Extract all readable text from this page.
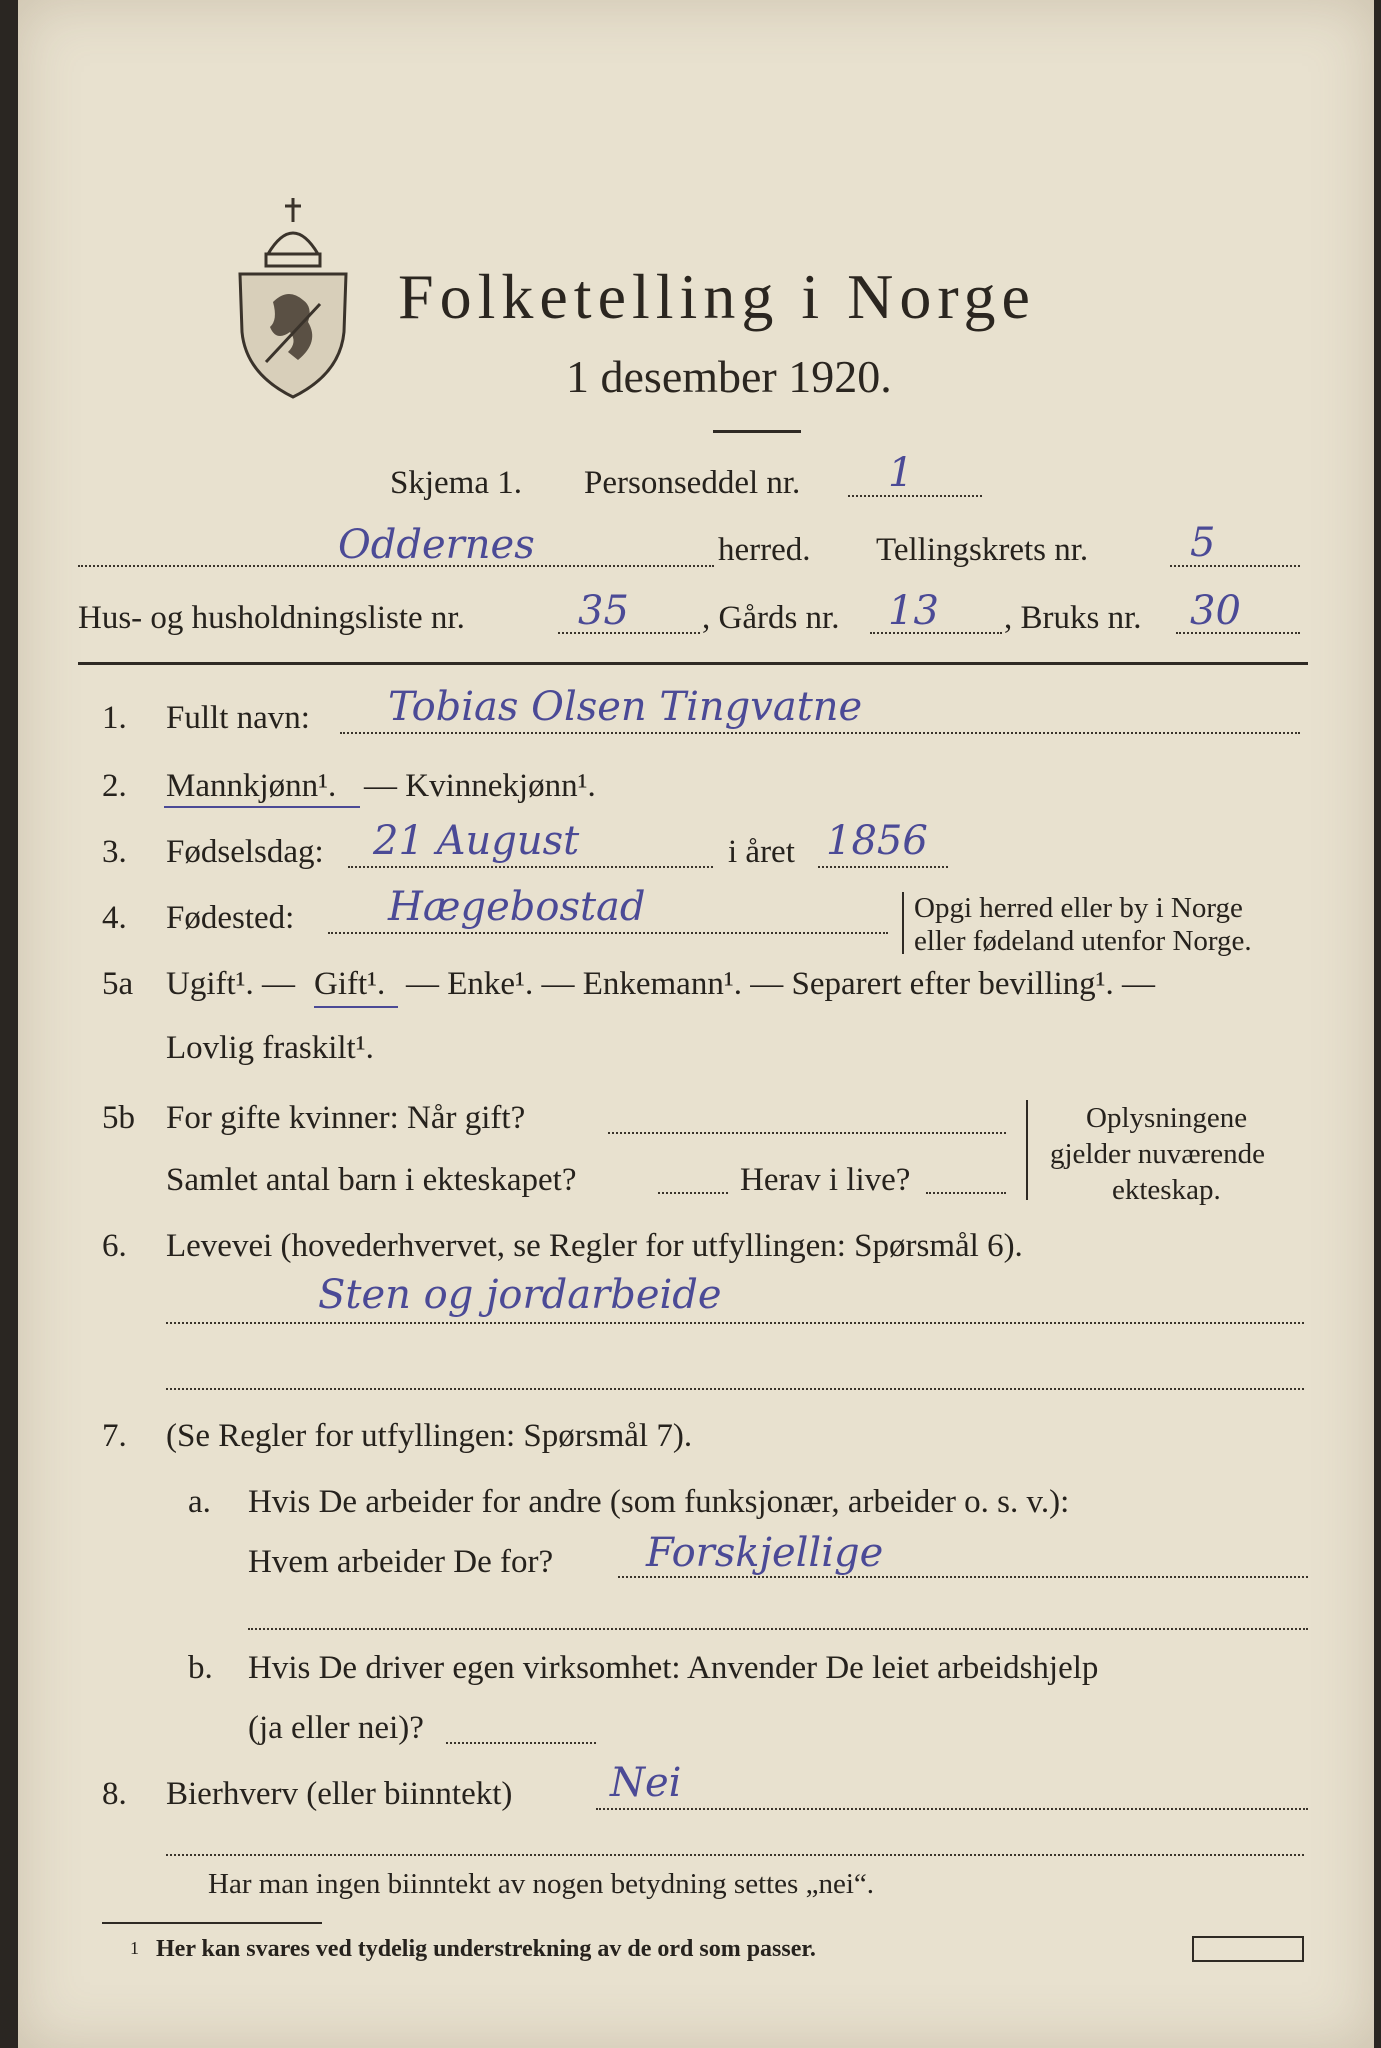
Folketelling i Norge
1 desember 1920.
Skjema 1. Personseddel nr. 1
Oddernes	herred. Tellingskrets nr.	5
Hus- og husholdningsliste nr.	35 , Gårds nr. 13 , Bruks nr. 30
1. Fullt navn: Tobias Olsen Tingvatne
2. Mannkjønn¹. — Kvinnekjønn¹.
3. Fødselsdag: 21 August	i året 1856
4. Fødested: Hægebostad	Opgi herred eller by i Norge
eller fødeland utenfor Norge.
5a Ugift¹. — Gift¹. — Enke¹. — Enkemann¹. — Separert efter bevilling¹. —
Lovlig fraskilt¹.
5b For gifte kvinner: Når gift?
Samlet antal barn i ekteskapet?	Herav i live?
Oplysningene
gjelder nuværende
ekteskap.
6. Levevei (hovederhvervet, se Regler for utfyllingen: Spørsmål 6).
Sten og jordarbeide
7. (Se Regler for utfyllingen: Spørsmål 7).
a. Hvis De arbeider for andre (som funksjonær, arbeider o. s. v.):
Hvem arbeider De for? Forskjellige
b. Hvis De driver egen virksomhet: Anvender De leiet arbeidshjelp
(ja eller nei)?
8. Bierhverv (eller biinntekt) Nei
Har man ingen biinntekt av nogen betydning settes „nei“.
1 Her kan svares ved tydelig understrekning av de ord som passer.
